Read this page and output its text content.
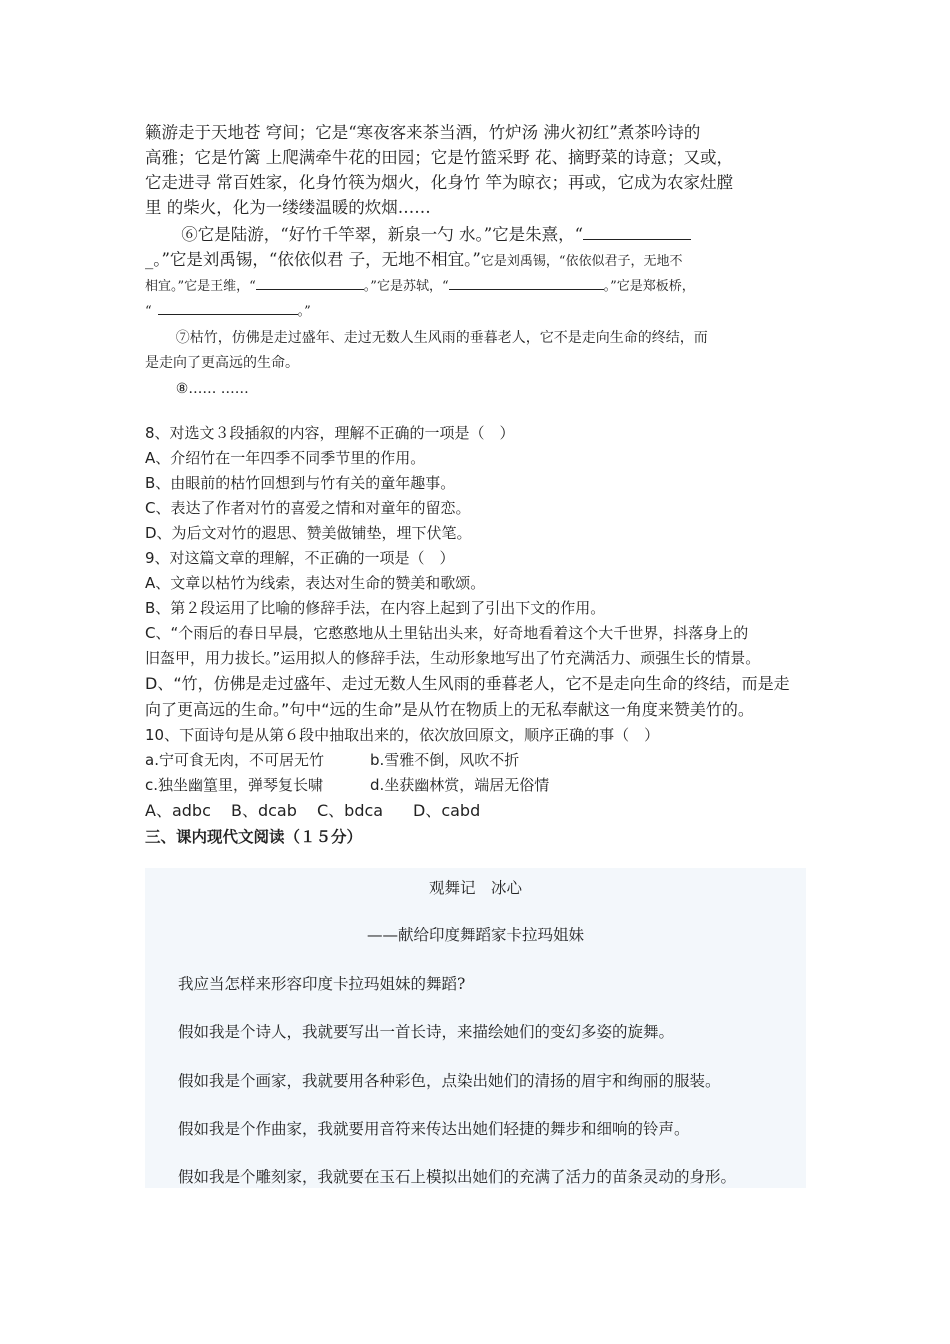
籁游走于天地苍 穹间；它是“寒夜客来茶当酒，竹炉汤 沸火初红”煮茶吟诗的

高雅；它是竹篱 上爬满牵牛花的田园；它是竹篮采野 花、摘野菜的诗意；又或，

它走进寻 常百姓家，化身竹筷为烟火，化身竹 竿为晾衣；再或，它成为农家灶膛

里 的柴火，化为一缕缕温暖的炊烟……

⑥它是陆游，“好竹千竿翠，新泉一勺 水。”它是朱熹，“

_。”它是刘禹锡，“依依似君 子，无地不相宜。”它是刘禹锡，“依依似君子，无地不

相宜。”它是王维，“	。”它是苏轼，“	。”它是郑板桥，

“	。”

⑦枯竹，仿佛是走过盛年、走过无数人生风雨的垂暮老人，它不是走向生命的终结，而

是走向了更高远的生命。

⑧…… ……

8、对选文３段插叙的内容，理解不正确的一项是（　）

A、介绍竹在一年四季不同季节里的作用。

B、由眼前的枯竹回想到与竹有关的童年趣事。

C、表达了作者对竹的喜爱之情和对童年的留恋。

D、为后文对竹的遐思、赞美做铺垫，埋下伏笔。

9、对这篇文章的理解，不正确的一项是（　）

A、文章以枯竹为线索，表达对生命的赞美和歌颂。

B、第２段运用了比喻的修辞手法，在内容上起到了引出下文的作用。

C、“个雨后的春日早晨，它憨憨地从土里钻出头来，好奇地看着这个大千世界，抖落身上的

旧盔甲，用力拔长。”运用拟人的修辞手法，生动形象地写出了竹充满活力、顽强生长的情景。

D、“竹，仿佛是走过盛年、走过无数人生风雨的垂暮老人，它不是走向生命的终结，而是走

向了更高远的生命。”句中“远的生命”是从竹在物质上的无私奉献这一角度来赞美竹的。

10、下面诗句是从第６段中抽取出来的，依次放回原文，顺序正确的事（　）

a.宁可食无肉，不可居无竹	b.雪雅不倒，风吹不折

c.独坐幽篁里，弹琴复长啸	d.坐获幽林赏，端居无俗情

A、adbc B、dcab C、bdca D、cabd

三、课内现代文阅读（１５分）

观舞记　冰心

——献给印度舞蹈家卡拉玛姐妹

我应当怎样来形容印度卡拉玛姐妹的舞蹈?

假如我是个诗人，我就要写出一首长诗，来描绘她们的变幻多姿的旋舞。

假如我是个画家，我就要用各种彩色，点染出她们的清扬的眉宇和绚丽的服装。

假如我是个作曲家，我就要用音符来传达出她们轻捷的舞步和细响的铃声。

假如我是个雕刻家，我就要在玉石上模拟出她们的充满了活力的苗条灵动的身形。
